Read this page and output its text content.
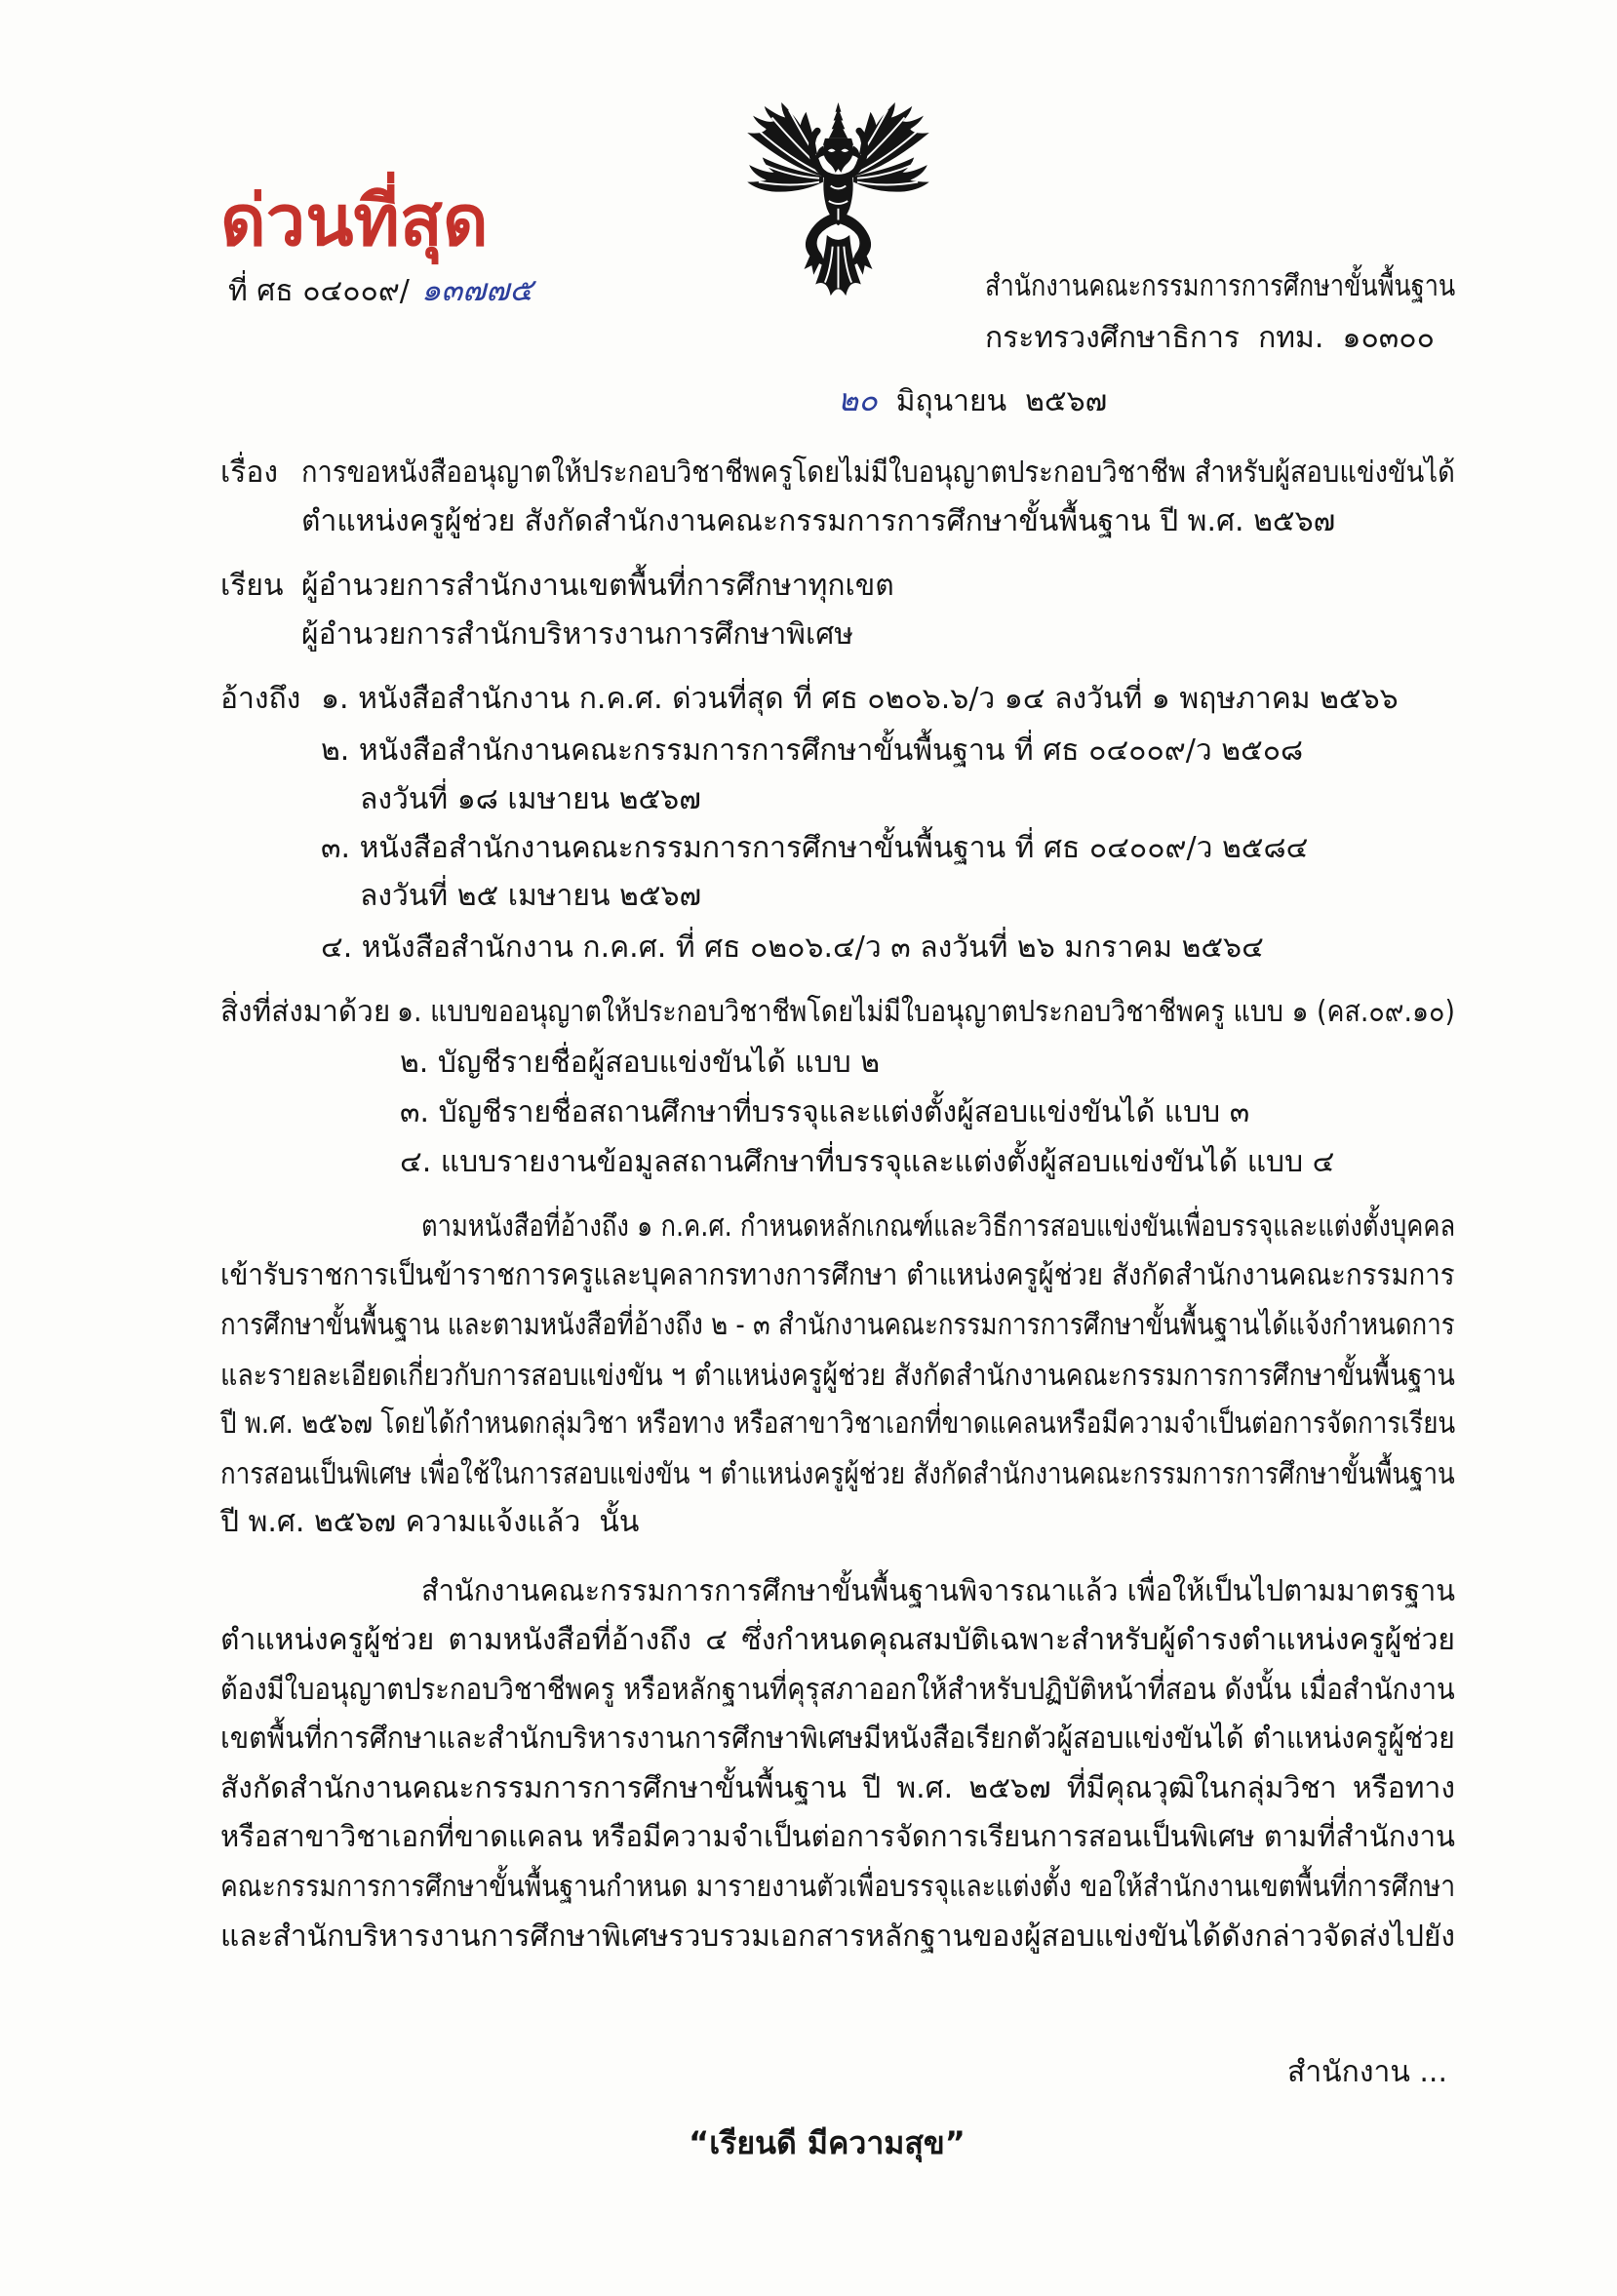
ด่วนที่สุด
ที่ ศธ ๐๔๐๐๙/ ๑๓๗๗๕	สำนักงานคณะกรรมการการศึกษาขั้นพื้นฐาน
กระทรวงศึกษาธิการ  กทม.  ๑๐๓๐๐
๒๐ มิถุนายน  ๒๕๖๗
เรื่อง การขอหนังสืออนุญาตให้ประกอบวิชาชีพครูโดยไม่มีใบอนุญาตประกอบวิชาชีพ สำหรับผู้สอบแข่งขันได้
ตำแหน่งครูผู้ช่วย สังกัดสำนักงานคณะกรรมการการศึกษาขั้นพื้นฐาน ปี พ.ศ. ๒๕๖๗
เรียน ผู้อำนวยการสำนักงานเขตพื้นที่การศึกษาทุกเขต
ผู้อำนวยการสำนักบริหารงานการศึกษาพิเศษ
อ้างถึง ๑. หนังสือสำนักงาน ก.ค.ศ. ด่วนที่สุด ที่ ศธ ๐๒๐๖.๖/ว ๑๔ ลงวันที่ ๑ พฤษภาคม ๒๕๖๖
๒. หนังสือสำนักงานคณะกรรมการการศึกษาขั้นพื้นฐาน ที่ ศธ ๐๔๐๐๙/ว ๒๕๐๘
ลงวันที่ ๑๘ เมษายน ๒๕๖๗
๓. หนังสือสำนักงานคณะกรรมการการศึกษาขั้นพื้นฐาน ที่ ศธ ๐๔๐๐๙/ว ๒๕๘๔
ลงวันที่ ๒๕ เมษายน ๒๕๖๗
๔. หนังสือสำนักงาน ก.ค.ศ. ที่ ศธ ๐๒๐๖.๔/ว ๓ ลงวันที่ ๒๖ มกราคม ๒๕๖๔
สิ่งที่ส่งมาด้วย ๑. แบบขออนุญาตให้ประกอบวิชาชีพโดยไม่มีใบอนุญาตประกอบวิชาชีพครู แบบ ๑ (คส.๐๙.๑๐)
๒. บัญชีรายชื่อผู้สอบแข่งขันได้ แบบ ๒
๓. บัญชีรายชื่อสถานศึกษาที่บรรจุและแต่งตั้งผู้สอบแข่งขันได้ แบบ ๓
๔. แบบรายงานข้อมูลสถานศึกษาที่บรรจุและแต่งตั้งผู้สอบแข่งขันได้ แบบ ๔
ตามหนังสือที่อ้างถึง ๑ ก.ค.ศ. กำหนดหลักเกณฑ์และวิธีการสอบแข่งขันเพื่อบรรจุและแต่งตั้งบุคคล
เข้ารับราชการเป็นข้าราชการครูและบุคลากรทางการศึกษา ตำแหน่งครูผู้ช่วย สังกัดสำนักงานคณะกรรมการ
การศึกษาขั้นพื้นฐาน และตามหนังสือที่อ้างถึง ๒ - ๓ สำนักงานคณะกรรมการการศึกษาขั้นพื้นฐานได้แจ้งกำหนดการ
และรายละเอียดเกี่ยวกับการสอบแข่งขัน ฯ ตำแหน่งครูผู้ช่วย สังกัดสำนักงานคณะกรรมการการศึกษาขั้นพื้นฐาน
ปี พ.ศ. ๒๕๖๗ โดยได้กำหนดกลุ่มวิชา หรือทาง หรือสาขาวิชาเอกที่ขาดแคลนหรือมีความจำเป็นต่อการจัดการเรียน
การสอนเป็นพิเศษ เพื่อใช้ในการสอบแข่งขัน ฯ ตำแหน่งครูผู้ช่วย สังกัดสำนักงานคณะกรรมการการศึกษาขั้นพื้นฐาน
ปี พ.ศ. ๒๕๖๗ ความแจ้งแล้ว  นั้น
สำนักงานคณะกรรมการการศึกษาขั้นพื้นฐานพิจารณาแล้ว เพื่อให้เป็นไปตามมาตรฐาน
ตำแหน่งครูผู้ช่วย ตามหนังสือที่อ้างถึง ๔ ซึ่งกำหนดคุณสมบัติเฉพาะสำหรับผู้ดำรงตำแหน่งครูผู้ช่วย
ต้องมีใบอนุญาตประกอบวิชาชีพครู หรือหลักฐานที่คุรุสภาออกให้สำหรับปฏิบัติหน้าที่สอน ดังนั้น เมื่อสำนักงาน
เขตพื้นที่การศึกษาและสำนักบริหารงานการศึกษาพิเศษมีหนังสือเรียกตัวผู้สอบแข่งขันได้ ตำแหน่งครูผู้ช่วย
สังกัดสำนักงานคณะกรรมการการศึกษาขั้นพื้นฐาน ปี พ.ศ. ๒๕๖๗ ที่มีคุณวุฒิในกลุ่มวิชา หรือทาง
หรือสาขาวิชาเอกที่ขาดแคลน หรือมีความจำเป็นต่อการจัดการเรียนการสอนเป็นพิเศษ ตามที่สำนักงาน
คณะกรรมการการศึกษาขั้นพื้นฐานกำหนด มารายงานตัวเพื่อบรรจุและแต่งตั้ง ขอให้สำนักงานเขตพื้นที่การศึกษา
และสำนักบริหารงานการศึกษาพิเศษรวบรวมเอกสารหลักฐานของผู้สอบแข่งขันได้ดังกล่าวจัดส่งไปยัง
สำนักงาน ...
“เรียนดี มีความสุข”
